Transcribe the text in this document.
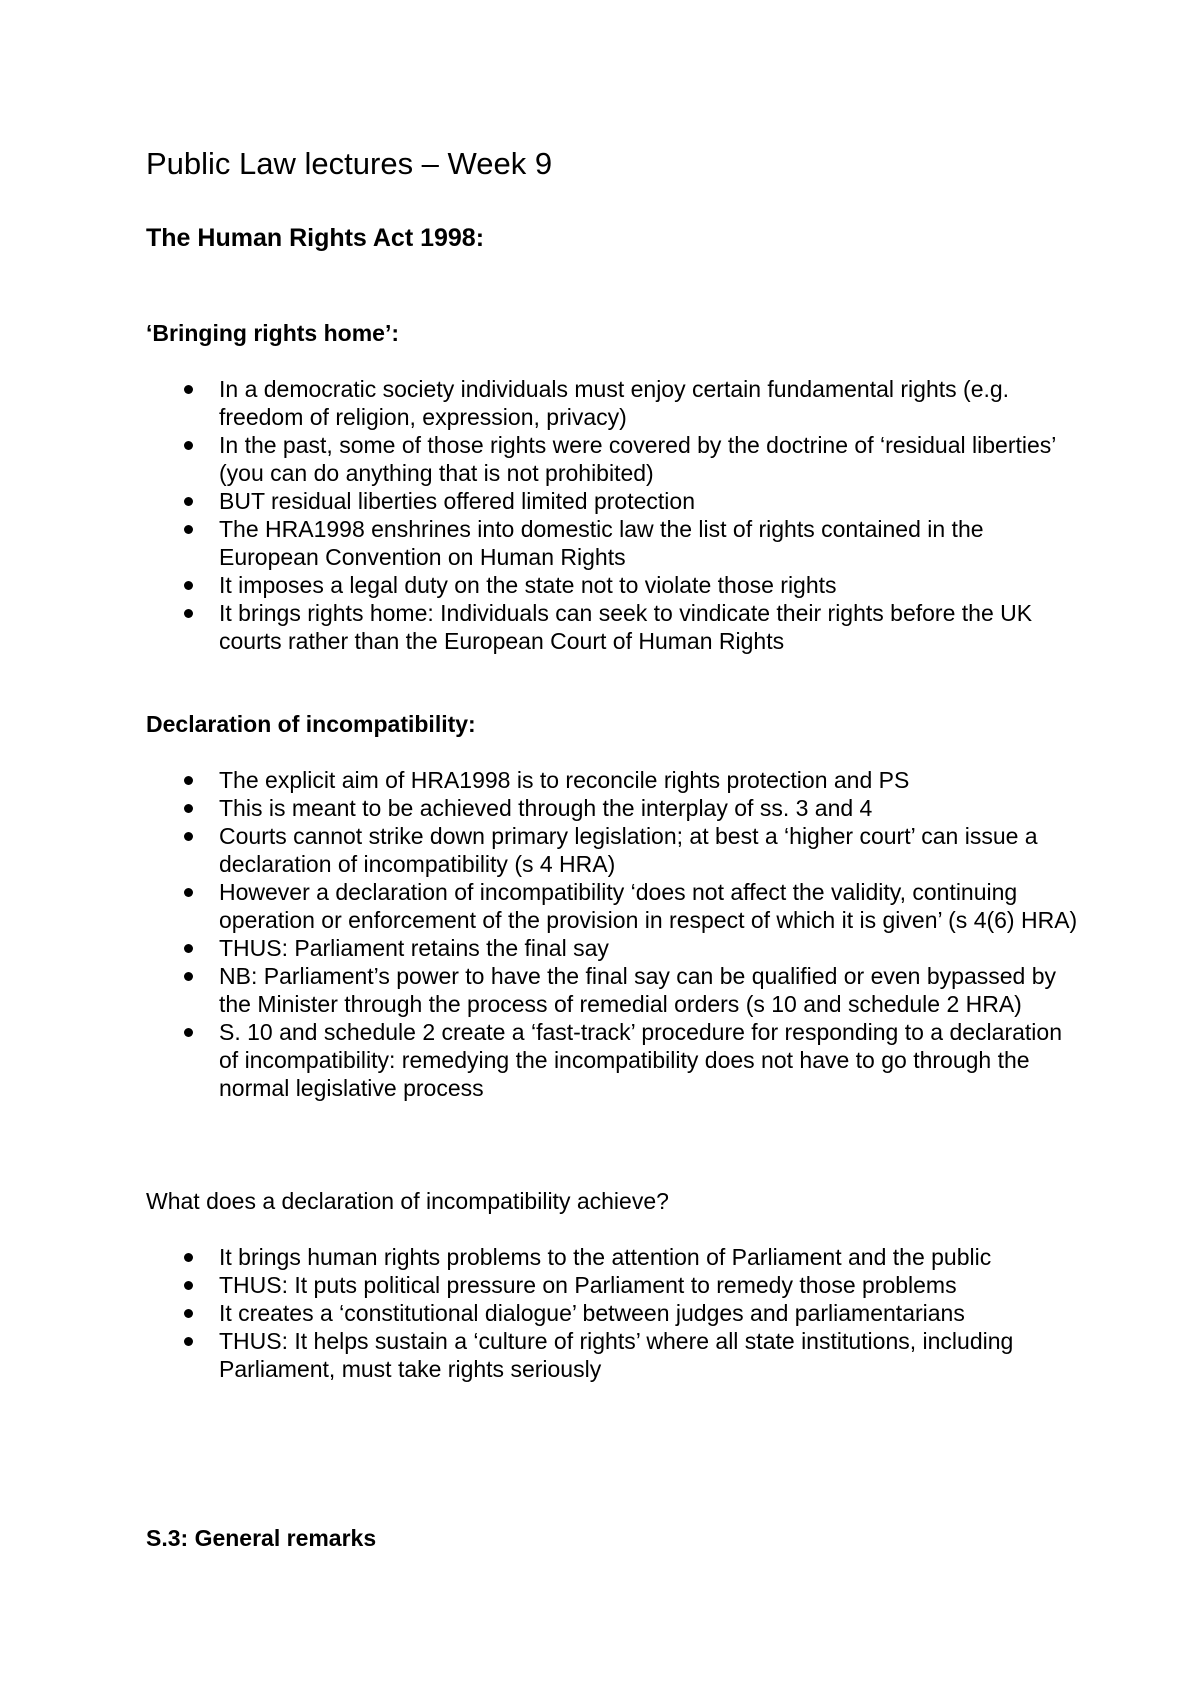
Public Law lectures – Week 9
The Human Rights Act 1998:
‘Bringing rights home’:
In a democratic society individuals must enjoy certain fundamental rights (e.g. freedom of religion, expression, privacy)
In the past, some of those rights were covered by the doctrine of ‘residual liberties’ (you can do anything that is not prohibited)
BUT residual liberties offered limited protection
The HRA1998 enshrines into domestic law the list of rights contained in the European Convention on Human Rights
It imposes a legal duty on the state not to violate those rights
It brings rights home: Individuals can seek to vindicate their rights before the UK courts rather than the European Court of Human Rights
Declaration of incompatibility:
The explicit aim of HRA1998 is to reconcile rights protection and PS
This is meant to be achieved through the interplay of ss. 3 and 4
Courts cannot strike down primary legislation; at best a ‘higher court’ can issue a declaration of incompatibility (s 4 HRA)
However a declaration of incompatibility ‘does not affect the validity, continuing operation or enforcement of the provision in respect of which it is given’ (s 4(6) HRA)
THUS: Parliament retains the final say
NB: Parliament’s power to have the final say can be qualified or even bypassed by the Minister through the process of remedial orders (s 10 and schedule 2 HRA)
S. 10 and schedule 2 create a ‘fast-track’ procedure for responding to a declaration of incompatibility: remedying the incompatibility does not have to go through the normal legislative process

What does a declaration of incompatibility achieve?

It brings human rights problems to the attention of Parliament and the public
THUS: It puts political pressure on Parliament to remedy those problems
It creates a ‘constitutional dialogue’ between judges and parliamentarians
THUS: It helps sustain a ‘culture of rights’ where all state institutions, including Parliament, must take rights seriously
S.3: General remarks
